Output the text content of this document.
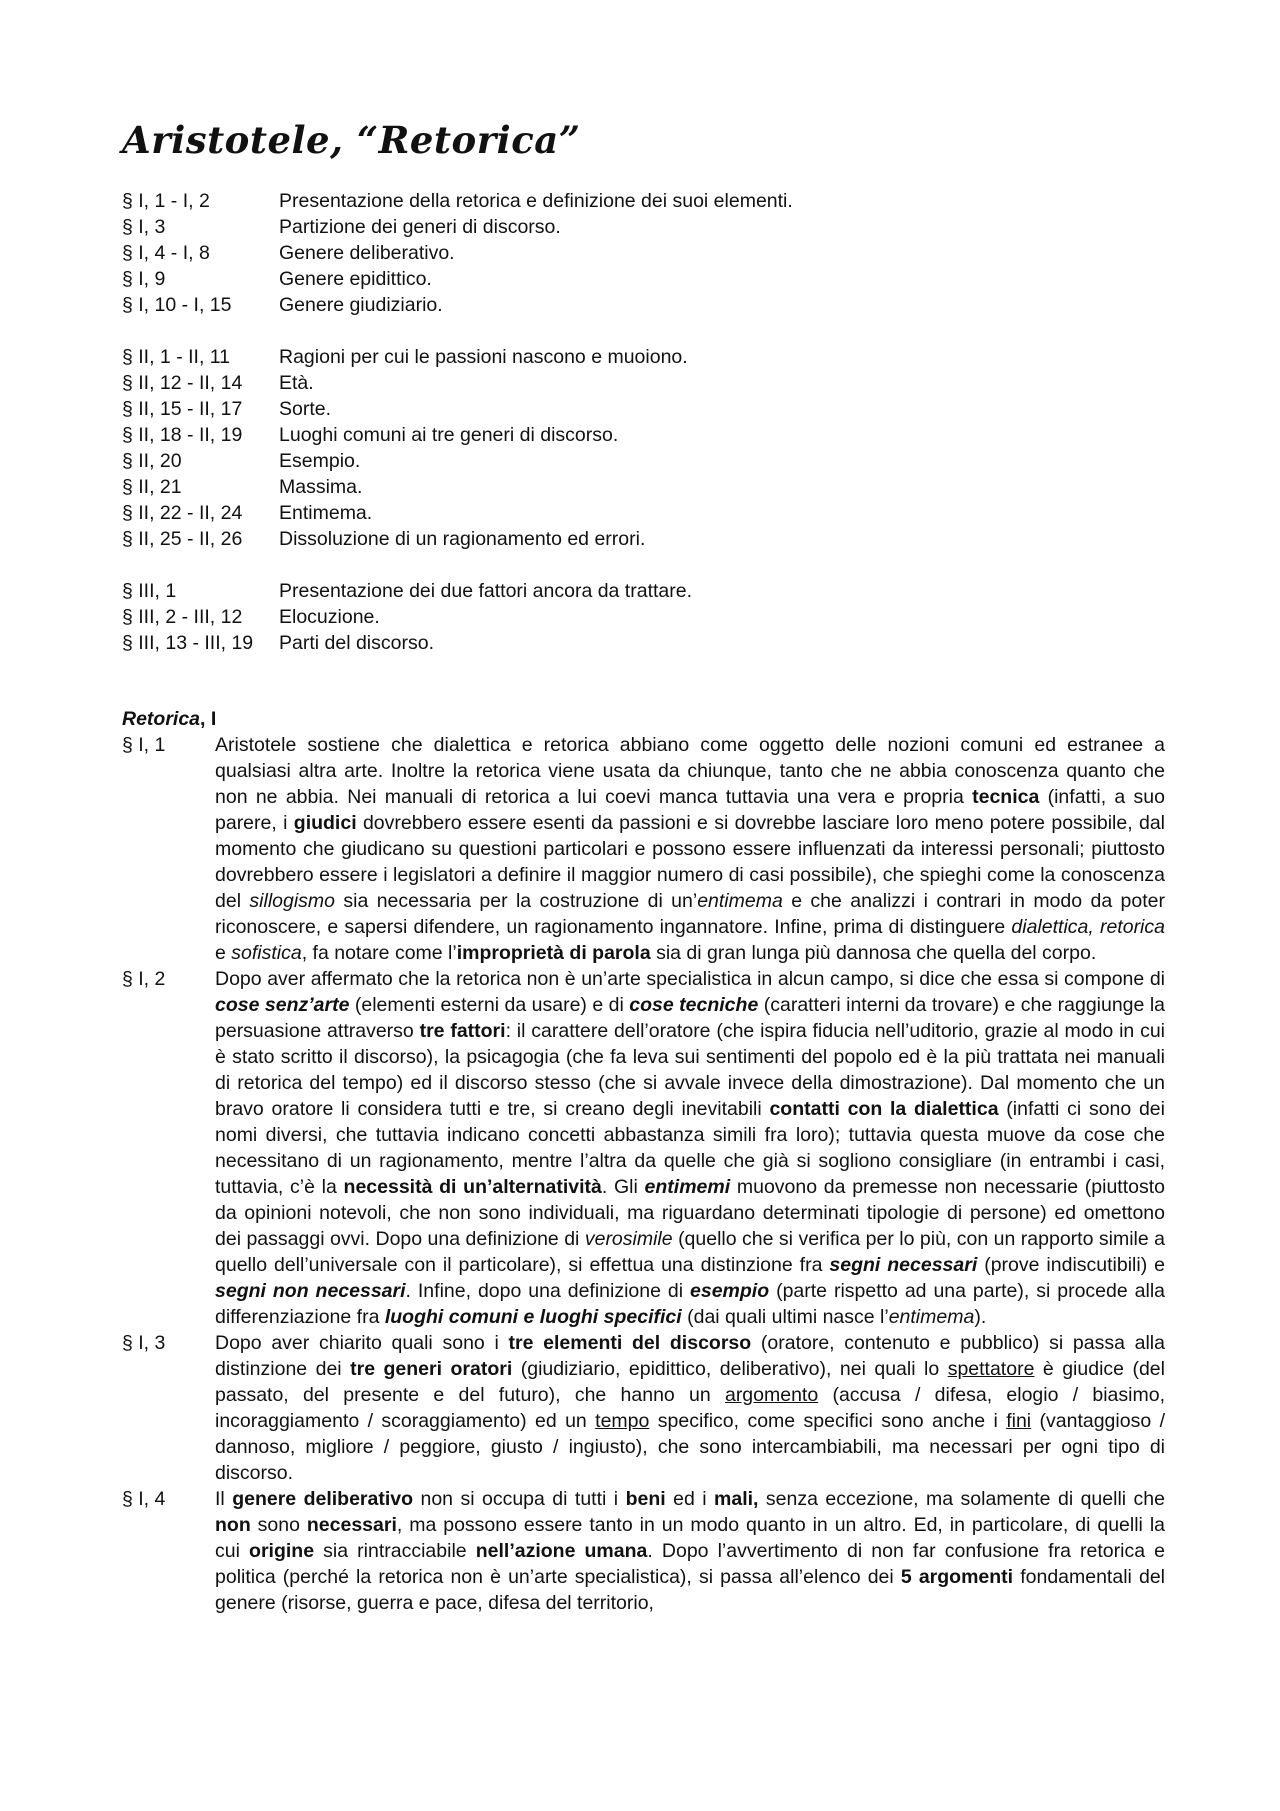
Aristotele, “Retorica”
§ I, 1 - I, 2	Presentazione della retorica e definizione dei suoi elementi.
§ I, 3	Partizione dei generi di discorso.
§ I, 4 - I, 8	Genere deliberativo.
§ I, 9	Genere epidittico.
§ I, 10 - I, 15	Genere giudiziario.
§ II, 1 - II, 11	Ragioni per cui le passioni nascono e muoiono.
§ II, 12 - II, 14	Età.
§ II, 15 - II, 17	Sorte.
§ II, 18 - II, 19	Luoghi comuni ai tre generi di discorso.
§ II, 20	Esempio.
§ II, 21	Massima.
§ II, 22 - II, 24	Entimema.
§ II, 25 - II, 26	Dissoluzione di un ragionamento ed errori.
§ III, 1	Presentazione dei due fattori ancora da trattare.
§ III, 2 - III, 12	Elocuzione.
§ III, 13 - III, 19	Parti del discorso.
Retorica, I
§ I, 1	Aristotele sostiene che dialettica e retorica abbiano come oggetto delle nozioni comuni ed estranee a qualsiasi altra arte. Inoltre la retorica viene usata da chiunque, tanto che ne abbia conoscenza quanto che non ne abbia. Nei manuali di retorica a lui coevi manca tuttavia una vera e propria tecnica (infatti, a suo parere, i giudici dovrebbero essere esenti da passioni e si dovrebbe lasciare loro meno potere possibile, dal momento che giudicano su questioni particolari e possono essere influenzati da interessi personali; piuttosto dovrebbero essere i legislatori a definire il maggior numero di casi possibile), che spieghi come la conoscenza del sillogismo sia necessaria per la costruzione di un’entimema e che analizzi i contrari in modo da poter riconoscere, e sapersi difendere, un ragionamento ingannatore. Infine, prima di distinguere dialettica, retorica e sofistica, fa notare come l’improprietà di parola sia di gran lunga più dannosa che quella del corpo.
§ I, 2	Dopo aver affermato che la retorica non è un’arte specialistica in alcun campo, si dice che essa si compone di cose senz’arte (elementi esterni da usare) e di cose tecniche (caratteri interni da trovare) e che raggiunge la persuasione attraverso tre fattori: il carattere dell’oratore (che ispira fiducia nell’uditorio, grazie al modo in cui è stato scritto il discorso), la psicagogia (che fa leva sui sentimenti del popolo ed è la più trattata nei manuali di retorica del tempo) ed il discorso stesso (che si avvale invece della dimostrazione). Dal momento che un bravo oratore li considera tutti e tre, si creano degli inevitabili contatti con la dialettica (infatti ci sono dei nomi diversi, che tuttavia indicano concetti abbastanza simili fra loro); tuttavia questa muove da cose che necessitano di un ragionamento, mentre l’altra da quelle che già si sogliono consigliare (in entrambi i casi, tuttavia, c’è la necessità di un’alternatività. Gli entimemi muovono da premesse non necessarie (piuttosto da opinioni notevoli, che non sono individuali, ma riguardano determinati tipologie di persone) ed omettono dei passaggi ovvi. Dopo una definizione di verosimile (quello che si verifica per lo più, con un rapporto simile a quello dell’universale con il particolare), si effettua una distinzione fra segni necessari (prove indiscutibili) e segni non necessari. Infine, dopo una definizione di esempio (parte rispetto ad una parte), si procede alla differenziazione fra luoghi comuni e luoghi specifici (dai quali ultimi nasce l’entimema).
§ I, 3	Dopo aver chiarito quali sono i tre elementi del discorso (oratore, contenuto e pubblico) si passa alla distinzione dei tre generi oratori (giudiziario, epidittico, deliberativo), nei quali lo spettatore è giudice (del passato, del presente e del futuro), che hanno un argomento (accusa / difesa, elogio / biasimo, incoraggiamento / scoraggiamento) ed un tempo specifico, come specifici sono anche i fini (vantaggioso / dannoso, migliore / peggiore, giusto / ingiusto), che sono intercambiabili, ma necessari per ogni tipo di discorso.
§ I, 4	Il genere deliberativo non si occupa di tutti i beni ed i mali, senza eccezione, ma solamente di quelli che non sono necessari, ma possono essere tanto in un modo quanto in un altro. Ed, in particolare, di quelli la cui origine sia rintracciabile nell’azione umana. Dopo l’avvertimento di non far confusione fra retorica e politica (perché la retorica non è un’arte specialistica), si passa all’elenco dei 5 argomenti fondamentali del genere (risorse, guerra e pace, difesa del territorio,
